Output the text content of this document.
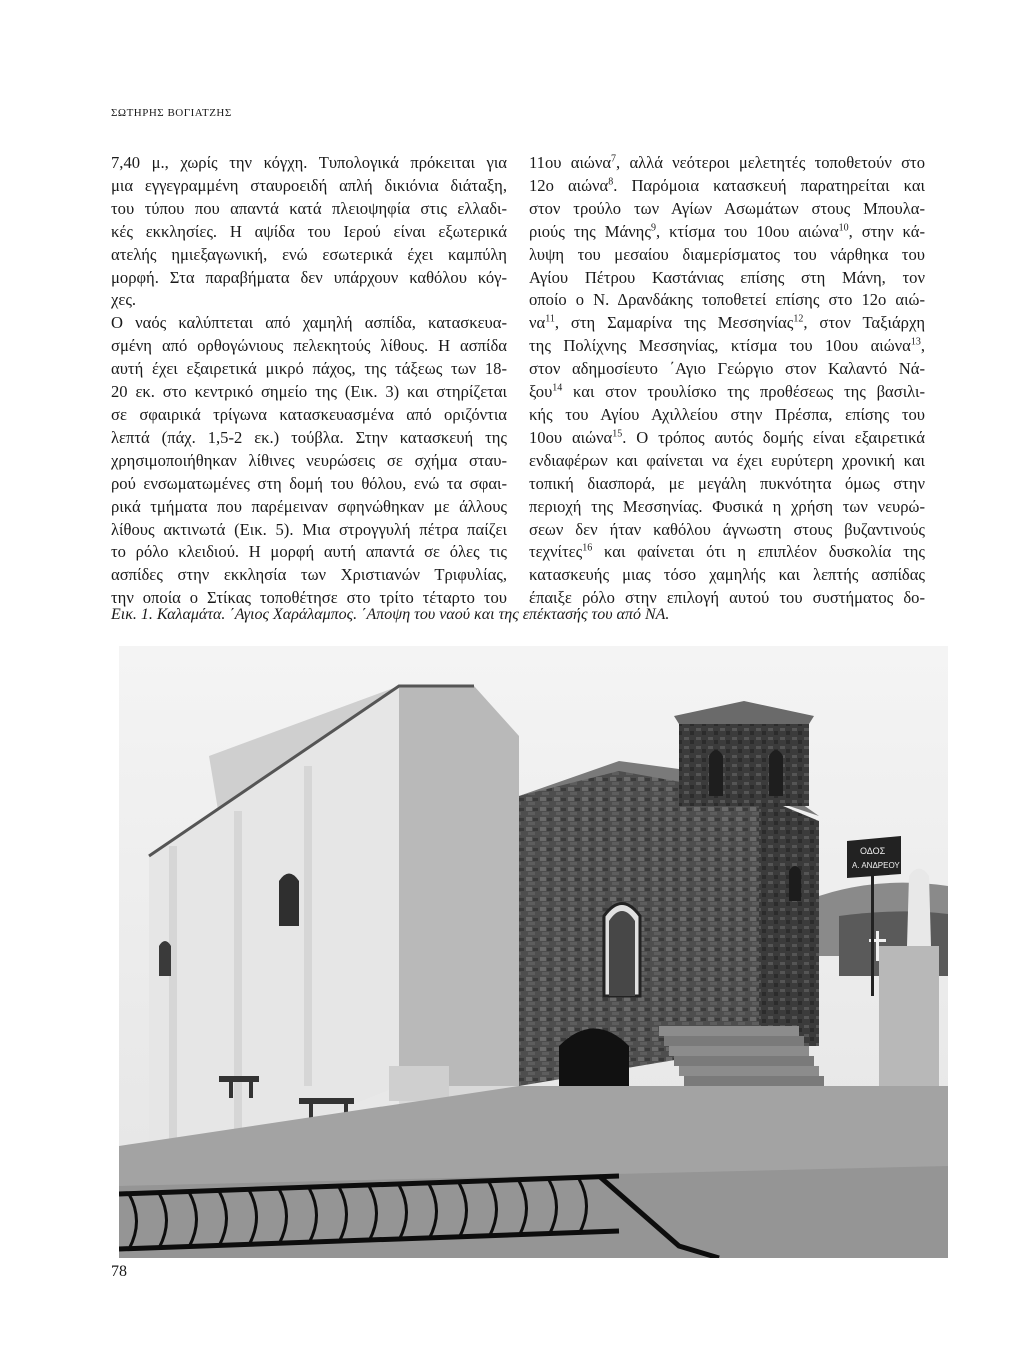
ΣΩΤΗΡΗΣ ΒΟΓΙΑΤΖΗΣ
7,40 μ., χωρίς την κόγχη. Τυπολογικά πρόκειται για
μια εγγεγραμμένη σταυροειδή απλή δικιόνια διάταξη,
του τύπου που απαντά κατά πλειοψηφία στις ελλαδι-
κές εκκλησίες. Η αψίδα του Ιερού είναι εξωτερικά
ατελής ημιεξαγωνική, ενώ εσωτερικά έχει καμπύλη
μορφή. Στα παραβήματα δεν υπάρχουν καθόλου κόγ-
χες.
Ο ναός καλύπτεται από χαμηλή ασπίδα, κατασκευα-
σμένη από ορθογώνιους πελεκητούς λίθους. Η ασπίδα
αυτή έχει εξαιρετικά μικρό πάχος, της τάξεως των 18-
20 εκ. στο κεντρικό σημείο της (Εικ. 3) και στηρίζεται
σε σφαιρικά τρίγωνα κατασκευασμένα από οριζόντια
λεπτά (πάχ. 1,5-2 εκ.) τούβλα. Στην κατασκευή της
χρησιμοποιήθηκαν λίθινες νευρώσεις σε σχήμα σταυ-
ρού ενσωματωμένες στη δομή του θόλου, ενώ τα σφαι-
ρικά τμήματα που παρέμειναν σφηνώθηκαν με άλλους
λίθους ακτινωτά (Εικ. 5). Μια στρογγυλή πέτρα παίζει
το ρόλο κλειδιού. Η μορφή αυτή απαντά σε όλες τις
ασπίδες στην εκκλησία των Χριστιανών Τριφυλίας,
την οποία ο Στίκας τοποθέτησε στο τρίτο τέταρτο του
11ου αιώνα$^7$, αλλά νεότεροι μελετητές τοποθετούν στο
12ο αιώνα$^8$. Παρόμοια κατασκευή παρατηρείται και
στον τρούλο των Αγίων Ασωμάτων στους Μπουλα-
ριούς της Μάνης$^9$, κτίσμα του 10ου αιώνα$^{10}$, στην κά-
λυψη του μεσαίου διαμερίσματος του νάρθηκα του
Αγίου Πέτρου Καστάνιας επίσης στη Μάνη, τον
οποίο ο Ν. Δρανδάκης τοποθετεί επίσης στο 12ο αιώ-
$\nu\alpha^{11}$, στη Σαμαρίνα της Μεσσηνίας$^{12}$, στον Ταξιάρχη
της Πολίχνης Μεσσηνίας, κτίσμα του 10ου αιώνα$^{13}$,
στον αδημοσίευτο ΄Αγιο Γεώργιο στον Καλαντό Νά-
ξου$^{14}$ και στον τρουλίσκο της προθέσεως της βασιλι-
κής του Αγίου Αχιλλείου στην Πρέσπα, επίσης του
10ου αιώνα$^{15}$. Ο τρόπος αυτός δομής είναι εξαιρετικά
ενδιαφέρων και φαίνεται να έχει ευρύτερη χρονική και
τοπική διασπορά, με μεγάλη πυκνότητα όμως στην
περιοχή της Μεσσηνίας. Φυσικά η χρήση των νευρώ-
σεων δεν ήταν καθόλου άγνωστη στους βυζαντινούς
τεχνίτες$^{16}$ και φαίνεται ότι η επιπλέον δυσκολία της
κατασκευής μιας τόσο χαμηλής και λεπτής ασπίδας
έπαιξε ρόλο στην επιλογή αυτού του συστήματος δο-
Εικ. 1. Καλαμάτα. ΄Αγιος Χαράλαμπος. ΄Αποψη του ναού και της επέκτασής του από ΝΑ.
ΟΔΟΣ
Α. ΑΝΔΡΕΟΥ
78
